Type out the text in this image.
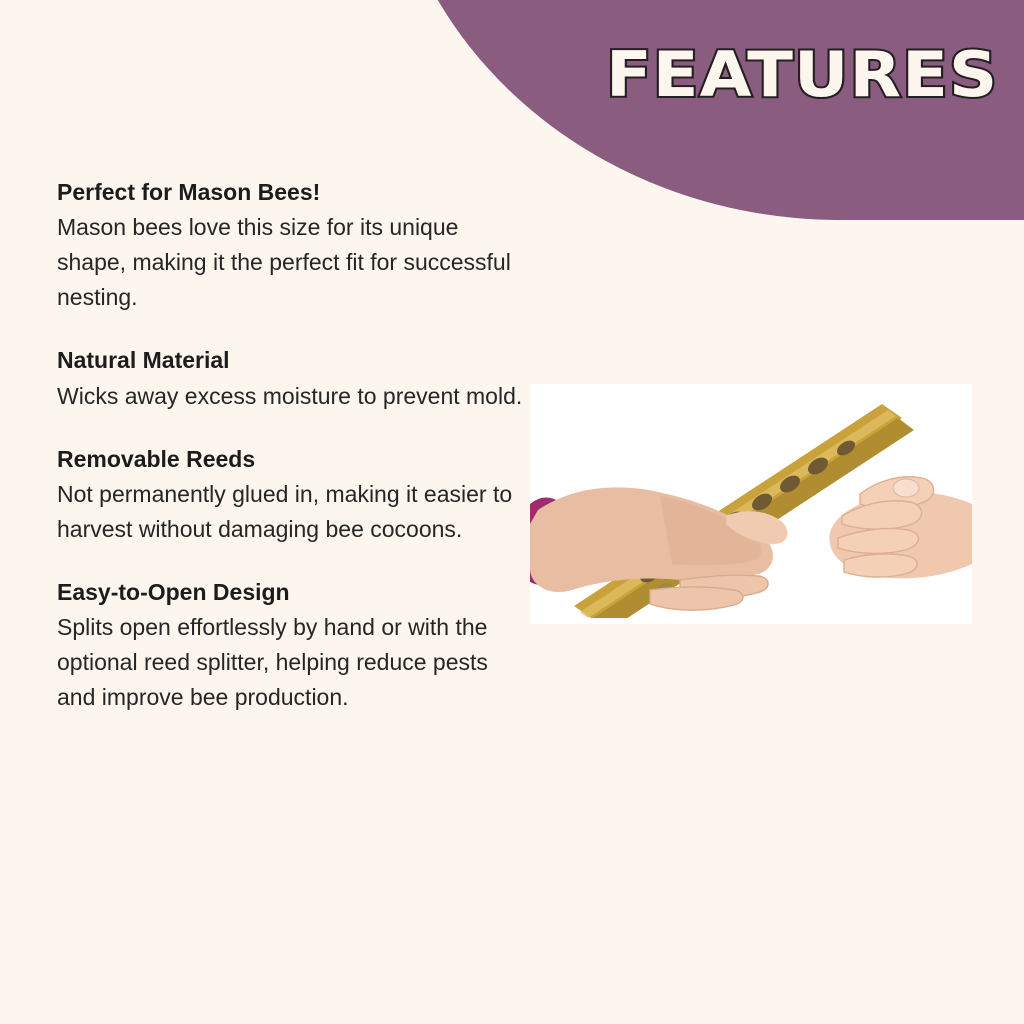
FEATURES

Perfect for Mason Bees!

Mason bees love this size for its unique shape, making it the perfect fit for successful nesting.

Natural Material

Wicks away excess moisture to prevent mold.

Removable Reeds

Not permanently glued in, making it easier to harvest without damaging bee cocoons.

Easy-to-Open Design

Splits open effortlessly by hand or with the optional reed splitter, helping reduce pests and improve bee production.
